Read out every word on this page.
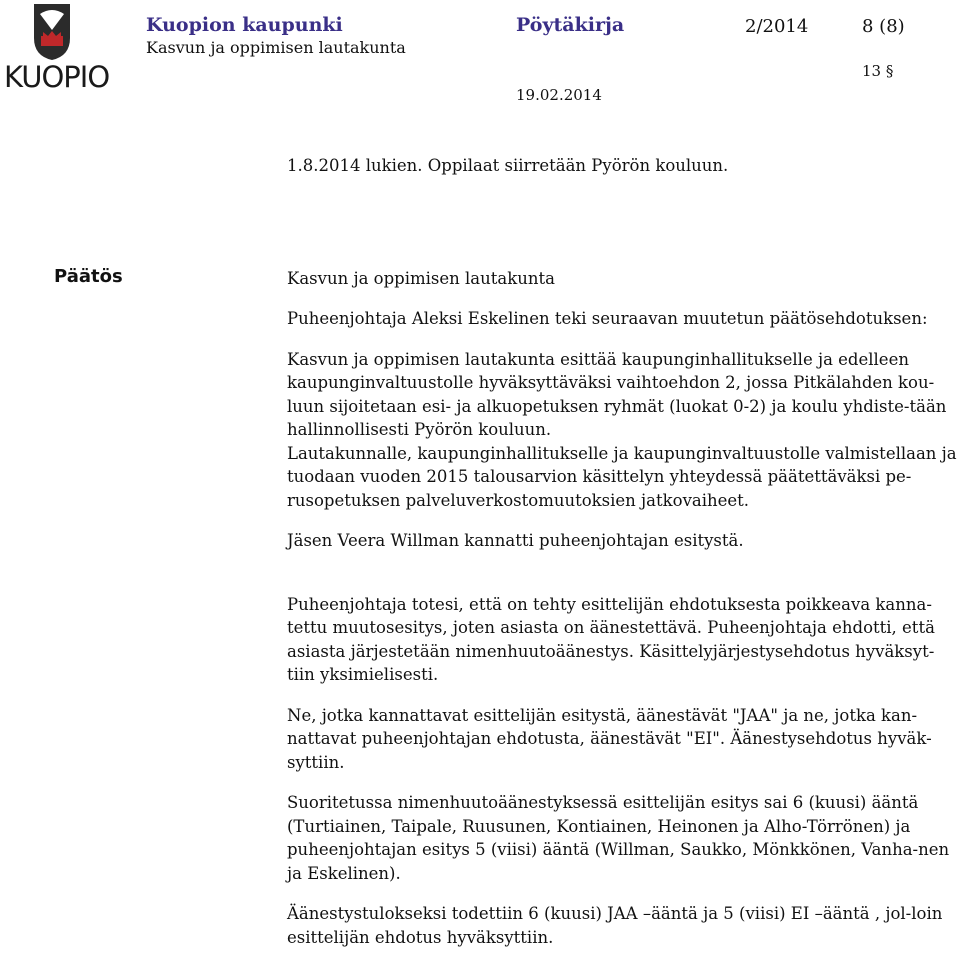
KUOPIO
Kuopion kaupunki
Kasvun ja oppimisen lautakunta
Pöytäkirja	2/2014	8 (8)
13 §
19.02.2014
Päätös

1.8.2014 lukien. Oppilaat siirretään Pyörön kouluun.

Kasvun ja oppimisen lautakunta

Puheenjohtaja Aleksi Eskelinen teki seuraavan muutetun päätösehdotuksen:

Kasvun ja oppimisen lautakunta esittää kaupunginhallitukselle ja edelleen kaupunginvaltuustolle hyväksyttäväksi vaihtoehdon 2, jossa Pitkälahden kou-luun sijoitetaan esi- ja alkuopetuksen ryhmät (luokat 0-2) ja koulu yhdiste-tään hallinnollisesti Pyörön kouluun.

Lautakunnalle, kaupunginhallitukselle ja kaupunginvaltuustolle valmistellaan ja tuodaan vuoden 2015 talousarvion käsittelyn yhteydessä päätettäväksi pe-rusopetuksen palveluverkostomuutoksien jatkovaiheet.

Jäsen Veera Willman kannatti puheenjohtajan esitystä.

Puheenjohtaja totesi, että on tehty esittelijän ehdotuksesta poikkeava kanna-tettu muutosesitys, joten asiasta on äänestettävä. Puheenjohtaja ehdotti, että asiasta järjestetään nimenhuutoäänestys. Käsittelyjärjestysehdotus hyväksyt-tiin yksimielisesti.

Ne, jotka kannattavat esittelijän esitystä, äänestävät "JAA" ja ne, jotka kan-nattavat puheenjohtajan ehdotusta, äänestävät "EI". Äänestysehdotus hyväk-syttiin.

Suoritetussa nimenhuutoäänestyksessä esittelijän esitys sai 6 (kuusi) ääntä (Turtiainen, Taipale, Ruusunen, Kontiainen, Heinonen ja Alho-Törrönen) ja puheenjohtajan esitys 5 (viisi) ääntä (Willman, Saukko, Mönkkönen, Vanha-nen ja Eskelinen).

Äänestystulokseksi todettiin 6 (kuusi) JAA –ääntä ja 5 (viisi) EI –ääntä , jol-loin esittelijän ehdotus hyväksyttiin.
